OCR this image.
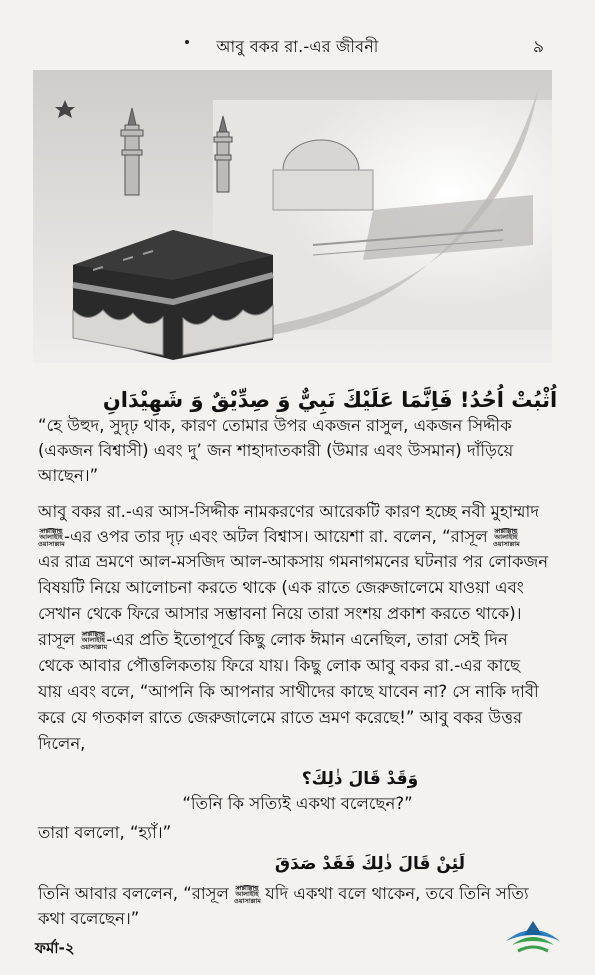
আবু বকর রা.-এর জীবনী	৯
اُثْبُتْ اُحُدُ! فَاِنَّمَا عَلَيْكَ نَبِيٌّ وَ صِدِّيْقٌ وَ شَهِيْدَانِ
“হে উহুদ, সুদৃঢ় থাক, কারণ তোমার উপর একজন রাসুল, একজন সিদ্দীক
(একজন বিশ্বাসী) এবং দু’ জন শাহাদাতকারী (উমার এবং উসমান) দাঁড়িয়ে
আছেন।”
আবু বকর রা.-এর আস-সিদ্দীক নামকরণের আরেকটি কারণ হচ্ছে নবী মুহাম্মাদ
সাল্লাল্লাহু
আলাইহি
ওয়াসাল্লাম-এর ওপর তার দৃঢ় এবং অটল বিশ্বাস। আয়েশা রা. বলেন, “রাসূল সাল্লাল্লাহু
আলাইহি
ওয়াসাল্লাম
এর রাত্র ভ্রমণে আল-মসজিদ আল-আকসায় গমনাগমনের ঘটনার পর লোকজন
বিষয়টি নিয়ে আলোচনা করতে থাকে (এক রাতে জেরুজালেমে যাওয়া এবং
সেখান থেকে ফিরে আসার সম্ভাবনা নিয়ে তারা সংশয় প্রকাশ করতে থাকে)।
রাসূল সাল্লাল্লাহু
আলাইহি
ওয়াসাল্লাম-এর প্রতি ইতোপূর্বে কিছু লোক ঈমান এনেছিল, তারা সেই দিন
থেকে আবার পৌত্তলিকতায় ফিরে যায়। কিছু লোক আবু বকর রা.-এর কাছে
যায় এবং বলে, “আপনি কি আপনার সাথীদের কাছে যাবেন না? সে নাকি দাবী
করে যে গতকাল রাতে জেরুজালেমে রাতে ভ্রমণ করেছে!” আবু বকর উত্তর
দিলেন,
وَقَدْ قَالَ ذٰلِكَ؟
“তিনি কি সত্যিই একথা বলেছেন?”
তারা বললো, “হ্যাঁ।”
لَئِنْ قَالَ ذٰلِكَ فَقَدْ صَدَقَ
তিনি আবার বললেন, “রাসূল সাল্লাল্লাহু
আলাইহি
ওয়াসাল্লাম যদি একথা বলে থাকেন, তবে তিনি সত্যি
কথা বলেছেন।”
ফর্মা-২
